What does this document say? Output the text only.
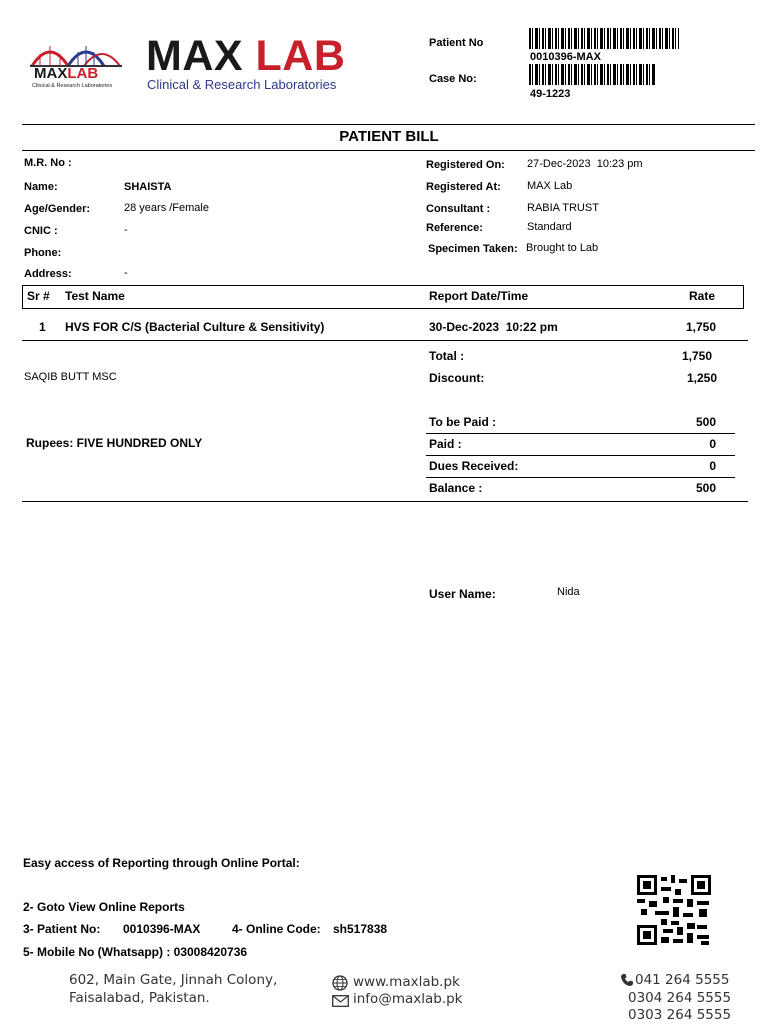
MAXLAB
Clinical & Research Laboratories
MAX LAB
Clinical & Research Laboratories
Patient No
0010396-MAX
Case No:
49-1223
PATIENT BILL
M.R. No :
Name:	SHAISTA
Age/Gender:	28 years /Female
CNIC :	-
Phone:
Address:	-
Registered On: 27-Dec-2023  10:23 pm
Registered At: MAX Lab
Consultant :	RABIA TRUST
Reference:	Standard
Specimen Taken: Brought to Lab
Sr # Test Name	Report Date/Time	Rate
1 HVS FOR C/S (Bacterial Culture & Sensitivity)	30-Dec-2023  10:22 pm	1,750
SAQIB BUTT MSC
Rupees: FIVE HUNDRED ONLY
Total :	1,750
Discount:	1,250
To be Paid :	500
Paid :	0
Dues Received:	0
Balance :	500
User Name:	Nida
Easy access of Reporting through Online Portal:
2- Goto View Online Reports
3- Patient No: 0010396-MAX	4- Online Code: sh517838
5- Mobile No (Whatsapp) : 03008420736
602, Main Gate, Jinnah Colony,
Faisalabad, Pakistan.
www.maxlab.pk
info@maxlab.pk
041 264 5555
0304 264 5555
0303 264 5555
